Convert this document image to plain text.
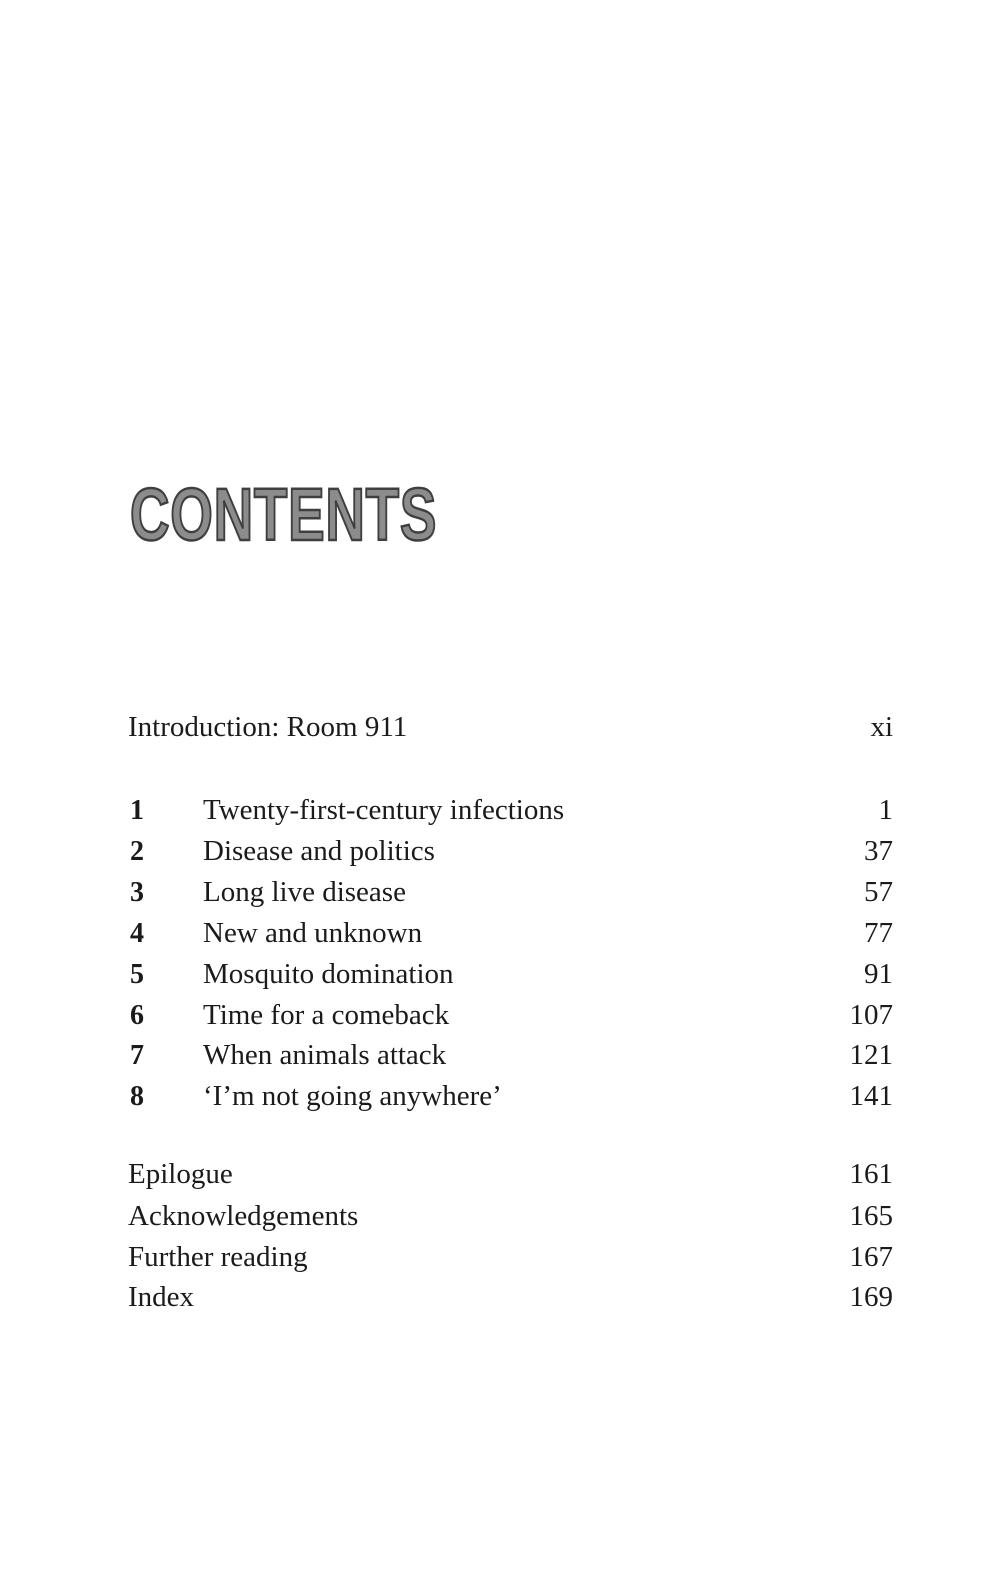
CONTENTS
Introduction: Room 911	xi
1	Twenty-first-century infections	1
2	Disease and politics	37
3	Long live disease	57
4	New and unknown	77
5	Mosquito domination	91
6	Time for a comeback	107
7	When animals attack	121
8	‘I’m not going anywhere’	141
Epilogue	161
Acknowledgements	165
Further reading	167
Index	169
